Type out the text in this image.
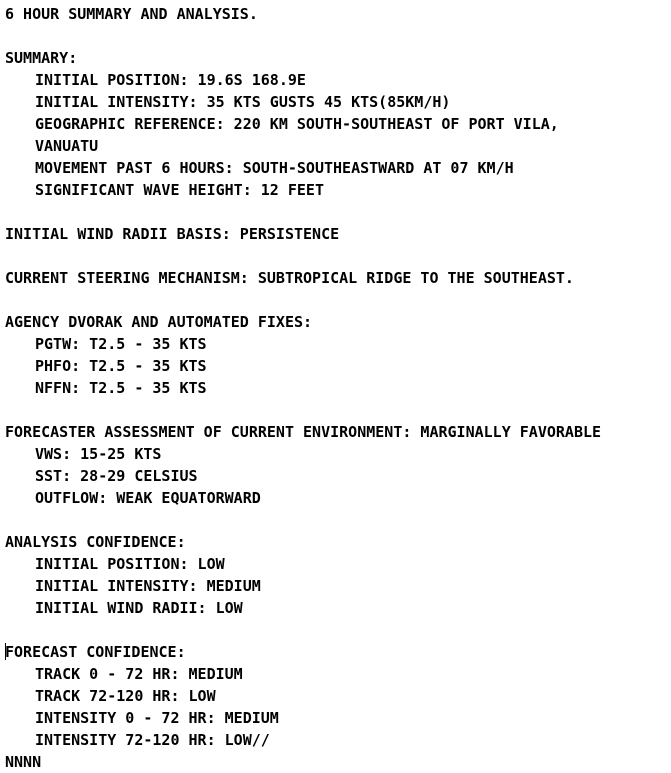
6 HOUR SUMMARY AND ANALYSIS.
SUMMARY:
INITIAL POSITION: 19.6S 168.9E
INITIAL INTENSITY: 35 KTS GUSTS 45 KTS(85KM/H)
GEOGRAPHIC REFERENCE: 220 KM SOUTH-SOUTHEAST OF PORT VILA,
VANUATU
MOVEMENT PAST 6 HOURS: SOUTH-SOUTHEASTWARD AT 07 KM/H
SIGNIFICANT WAVE HEIGHT: 12 FEET
INITIAL WIND RADII BASIS: PERSISTENCE
CURRENT STEERING MECHANISM: SUBTROPICAL RIDGE TO THE SOUTHEAST.
AGENCY DVORAK AND AUTOMATED FIXES:
PGTW: T2.5 - 35 KTS
PHFO: T2.5 - 35 KTS
NFFN: T2.5 - 35 KTS
FORECASTER ASSESSMENT OF CURRENT ENVIRONMENT: MARGINALLY FAVORABLE
VWS: 15-25 KTS
SST: 28-29 CELSIUS
OUTFLOW: WEAK EQUATORWARD
ANALYSIS CONFIDENCE:
INITIAL POSITION: LOW
INITIAL INTENSITY: MEDIUM
INITIAL WIND RADII: LOW
FORECAST CONFIDENCE:
TRACK 0 - 72 HR: MEDIUM
TRACK 72-120 HR: LOW
INTENSITY 0 - 72 HR: MEDIUM
INTENSITY 72-120 HR: LOW//
NNNN
